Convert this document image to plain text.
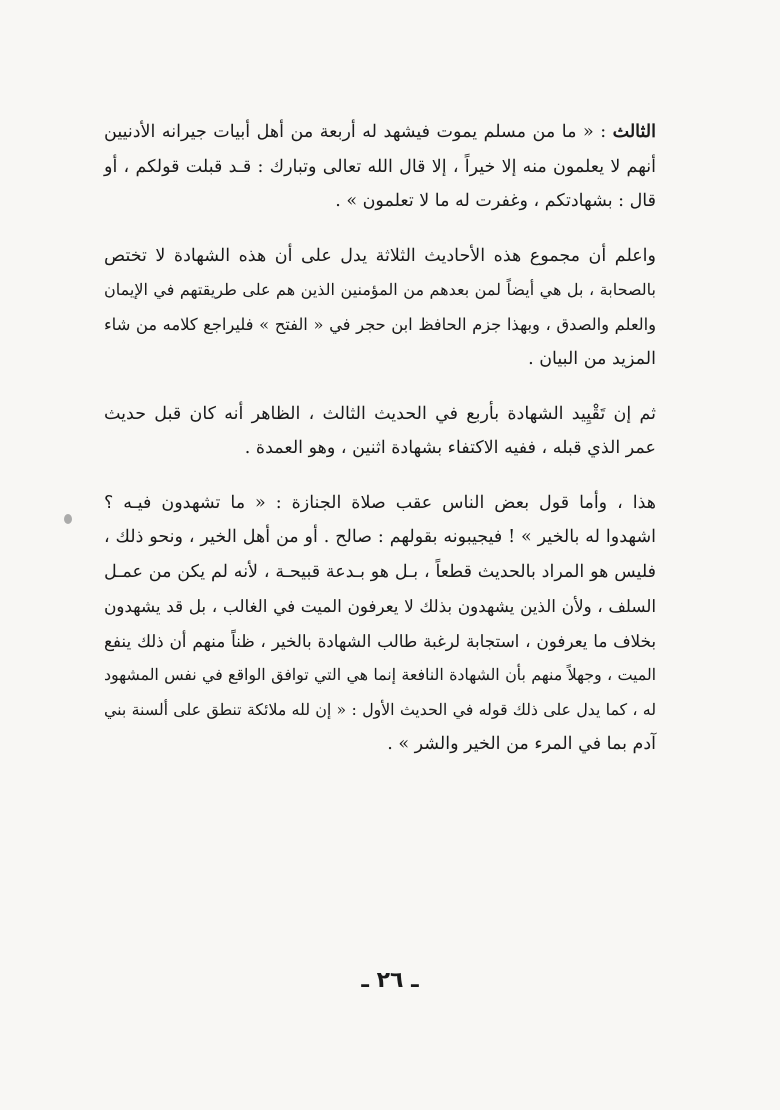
الثالث : « ما من مسلم يموت فيشهد له أربعة من أهل أبيات جيرانه الأدنيين
أنهم لا يعلمون منه إلا خيراً ، إلا قال الله تعالى وتبارك : قـد قبلت قولكم ، أو
قال : بشهادتكم ، وغفرت له ما لا تعلمون » .

واعلم أن مجموع هذه الأحاديث الثلاثة يدل على أن هذه الشهادة لا تختص
بالصحابة ، بل هي أيضاً لمن بعدهم من المؤمنين الذين هم على طريقتهم في الإيمان
والعلم والصدق ، وبهذا جزم الحافظ ابن حجر في « الفتح » فليراجع كلامه من شاء
المزيد من البيان .

ثم إن تَقْيِيد الشهادة بأربع في الحديث الثالث ، الظاهر أنه كان قبل حديث
عمر الذي قبله ، ففيه الاكتفاء بشهادة اثنين ، وهو العمدة .

هذا ، وأما قول بعض الناس عقب صلاة الجنازة : « ما تشهدون فيـه ؟
اشهدوا له بالخير » ! فيجيبونه بقولهم : صالح . أو من أهل الخير ، ونحو ذلك ،
فليس هو المراد بالحديث قطعاً ، بـل هو بـدعة قبيحـة ، لأنه لم يكن من عمـل
السلف ، ولأن الذين يشهدون بذلك لا يعرفون الميت في الغالب ، بل قد يشهدون
بخلاف ما يعرفون ، استجابة لرغبة طالب الشهادة بالخير ، ظناً منهم أن ذلك ينفع
الميت ، وجهلاً منهم بأن الشهادة النافعة إنما هي التي توافق الواقع في نفس المشهود
له ، كما يدل على ذلك قوله في الحديث الأول : « إن لله ملائكة تنطق على ألسنة بني
آدم بما في المرء من الخير والشر » .

ـ ٢٦ ـ
